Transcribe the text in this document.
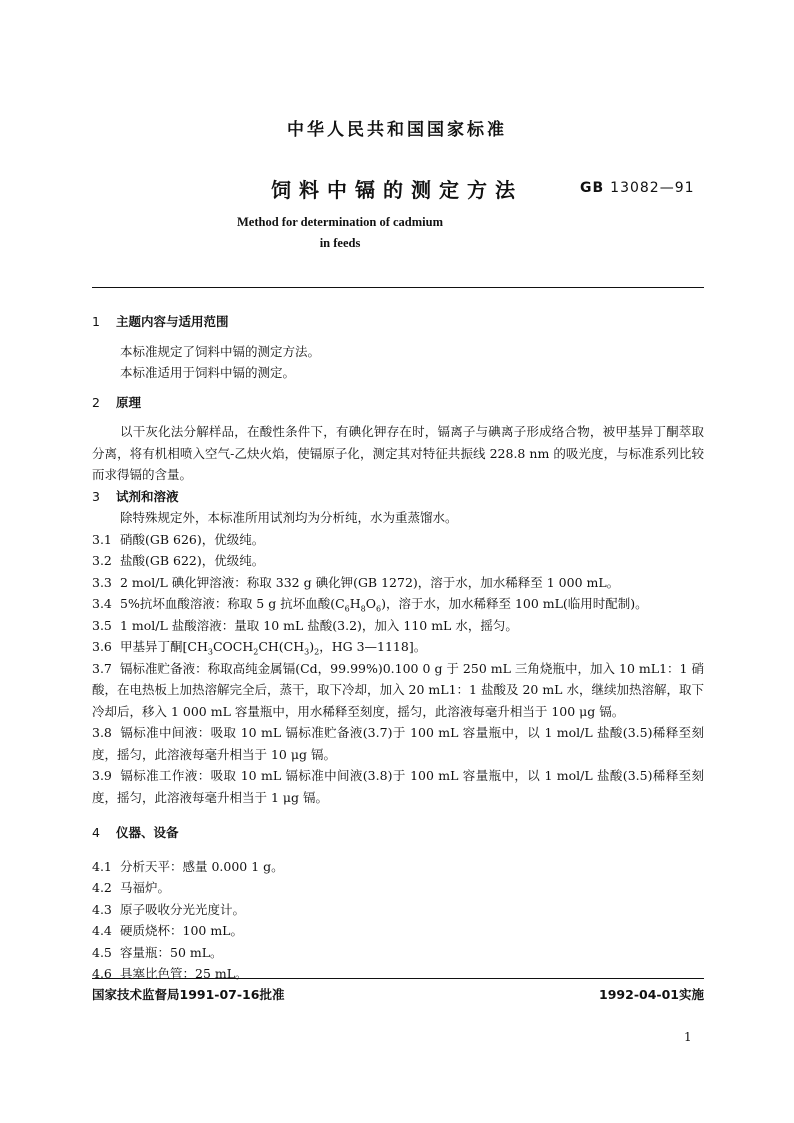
中华人民共和国国家标准
饲料中镉的测定方法	GB 13082—91
Method for determination of cadmium
in feeds

1 主题内容与适用范围

本标准规定了饲料中镉的测定方法。

本标准适用于饲料中镉的测定。

2 原理

以干灰化法分解样品，在酸性条件下，有碘化钾存在时，镉离子与碘离子形成络合物，被甲基异丁酮萃取分离，将有机相喷入空气-乙炔火焰，使镉原子化，测定其对特征共振线 228.8 nm 的吸光度，与标准系列比较而求得镉的含量。

3 试剂和溶液

除特殊规定外，本标准所用试剂均为分析纯，水为重蒸馏水。

3.1 硝酸(GB 626)，优级纯。

3.2 盐酸(GB 622)，优级纯。

3.3 2 mol/L 碘化钾溶液：称取 332 g 碘化钾(GB 1272)，溶于水，加水稀释至 1 000 mL。

3.4 5%抗坏血酸溶液：称取 5 g 抗坏血酸$(C_6H_8O_6)$，溶于水，加水稀释至 100 mL(临用时配制)。

3.5 1 mol/L 盐酸溶液：量取 10 mL 盐酸(3.2)，加入 110 mL 水，摇匀。

3.6 甲基异丁酮[$CH_3COCH_2CH(CH_3)_2$，HG 3—1118]。

3.7 镉标准贮备液：称取高纯金属镉(Cd，99.99%)0.100 0 g 于 250 mL 三角烧瓶中，加入 10 mL1：1 硝酸，在电热板上加热溶解完全后，蒸干，取下冷却，加入 20 mL1：1 盐酸及 20 mL 水，继续加热溶解，取下冷却后，移入 1 000 mL 容量瓶中，用水稀释至刻度，摇匀，此溶液每毫升相当于 100 μg 镉。

3.8 镉标准中间液：吸取 10 mL 镉标准贮备液(3.7)于 100 mL 容量瓶中，以 1 mol/L 盐酸(3.5)稀释至刻度，摇匀，此溶液每毫升相当于 10 μg 镉。

3.9 镉标准工作液：吸取 10 mL 镉标准中间液(3.8)于 100 mL 容量瓶中，以 1 mol/L 盐酸(3.5)稀释至刻度，摇匀，此溶液每毫升相当于 1 μg 镉。

4 仪器、设备

4.1 分析天平：感量 0.000 1 g。

4.2 马福炉。

4.3 原子吸收分光光度计。

4.4 硬质烧杯：100 mL。

4.5 容量瓶：50 mL。

4.6 具塞比色管：25 mL。

国家技术监督局1991-07-16批准	1992-04-01实施
1
